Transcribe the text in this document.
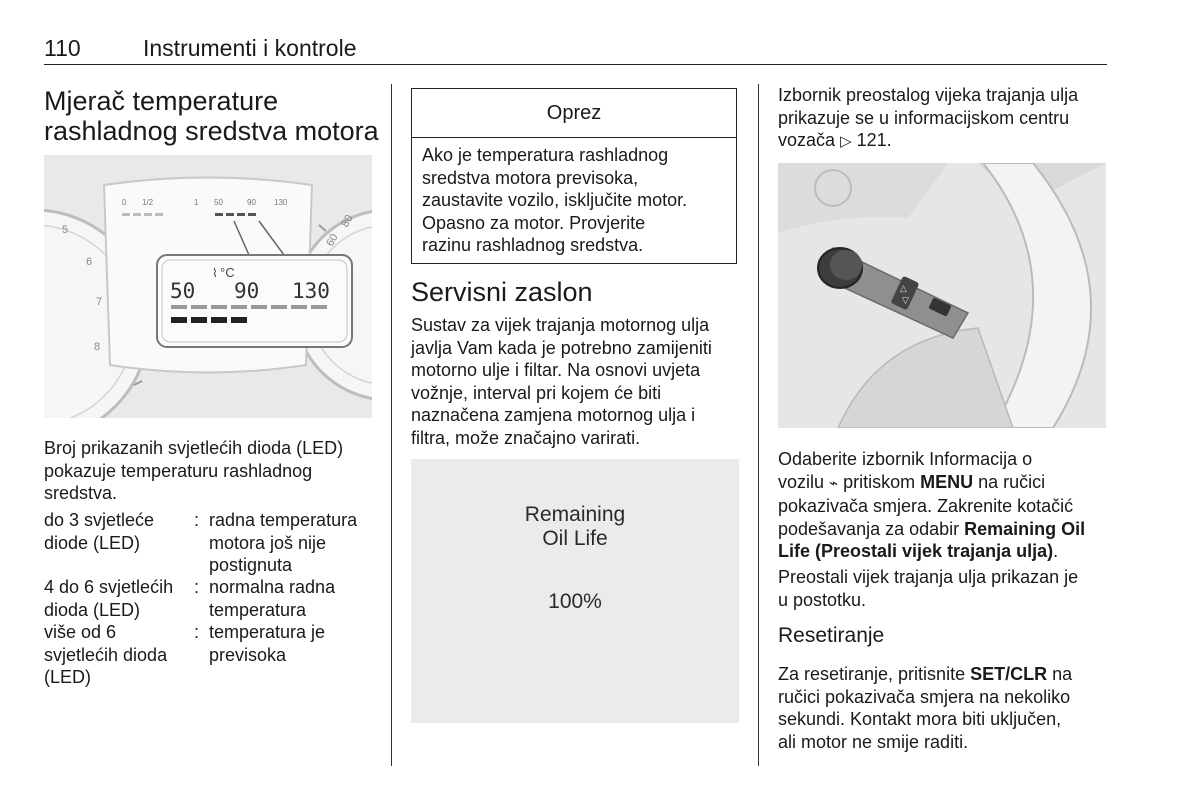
110	Instrumenti i kontrole
Mjerač temperature
rashladnog sredstva motora
5
6
7
8
80
60
0 1/2	1 50	90 130
50 90 130
⌇ °C
Broj prikazanih svjetlećih dioda (LED)
pokazuje temperaturu rashladnog
sredstva.
do 3 svjetleće
diode (LED)
: radna temperatura
motora još nije
postignuta
4 do 6 svjetlećih
dioda (LED)
: normalna radna
temperatura
više od 6
svjetlećih dioda
(LED)
: temperatura je
previsoka
Oprez
Ako je temperatura rashladnog
sredstva motora previsoka,
zaustavite vozilo, isključite motor.
Opasno za motor. Provjerite
razinu rashladnog sredstva.
Servisni zaslon
Sustav za vijek trajanja motornog ulja
javlja Vam kada je potrebno zamijeniti
motorno ulje i filtar. Na osnovi uvjeta
vožnje, interval pri kojem će biti
naznačena zamjena motornog ulja i
filtra, može značajno varirati.
Remaining
Oil Life
100%
Izbornik preostalog vijeka trajanja ulja
prikazuje se u informacijskom centru
vozača ▷ 121.
△
▽
Odaberite izbornik Informacija o
vozilu ⌁ pritiskom MENU na ručici
pokazivača smjera. Zakrenite kotačić
podešavanja za odabir Remaining Oil
Life (Preostali vijek trajanja ulja).
Preostali vijek trajanja ulja prikazan je
u postotku.
Resetiranje
Za resetiranje, pritisnite SET/CLR na
ručici pokazivača smjera na nekoliko
sekundi. Kontakt mora biti uključen,
ali motor ne smije raditi.
